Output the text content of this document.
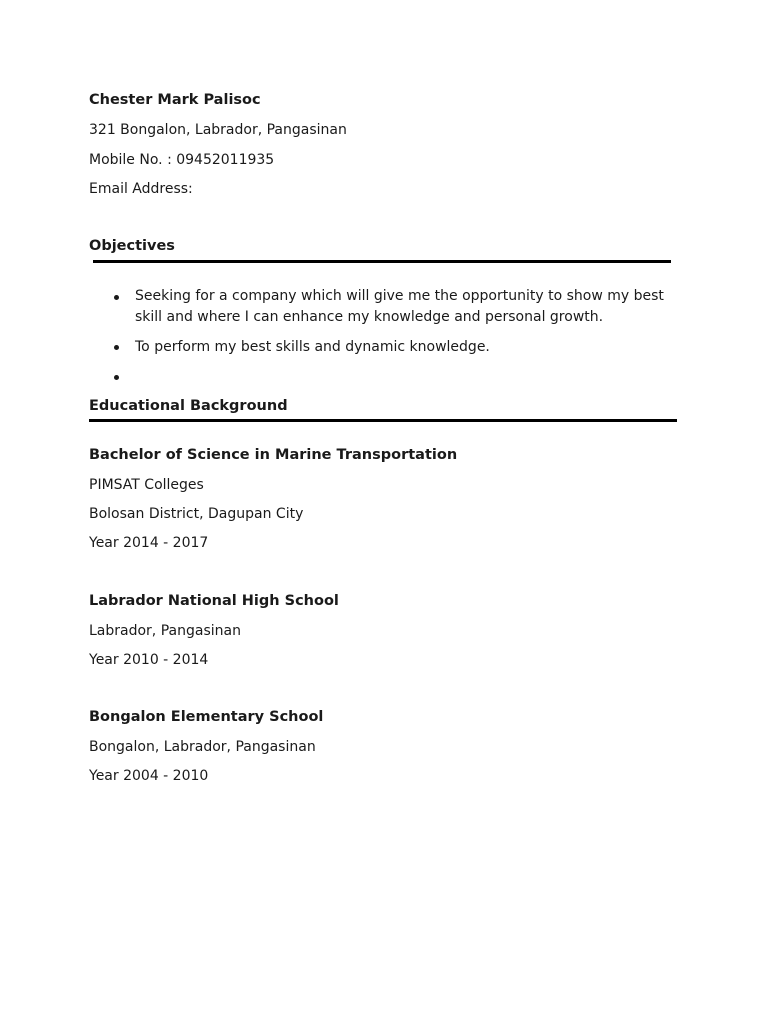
Chester Mark Palisoc
321 Bongalon, Labrador, Pangasinan
Mobile No. : 09452011935
Email Address:
Objectives
Seeking for a company which will give me the opportunity to show my best skill and where I can enhance my knowledge and personal growth.
To perform my best skills and dynamic knowledge.
Educational Background
Bachelor of Science in Marine Transportation
PIMSAT Colleges
Bolosan District, Dagupan City
Year 2014 - 2017
Labrador National High School
Labrador, Pangasinan
Year 2010 - 2014
Bongalon Elementary School
Bongalon, Labrador, Pangasinan
Year 2004 - 2010
